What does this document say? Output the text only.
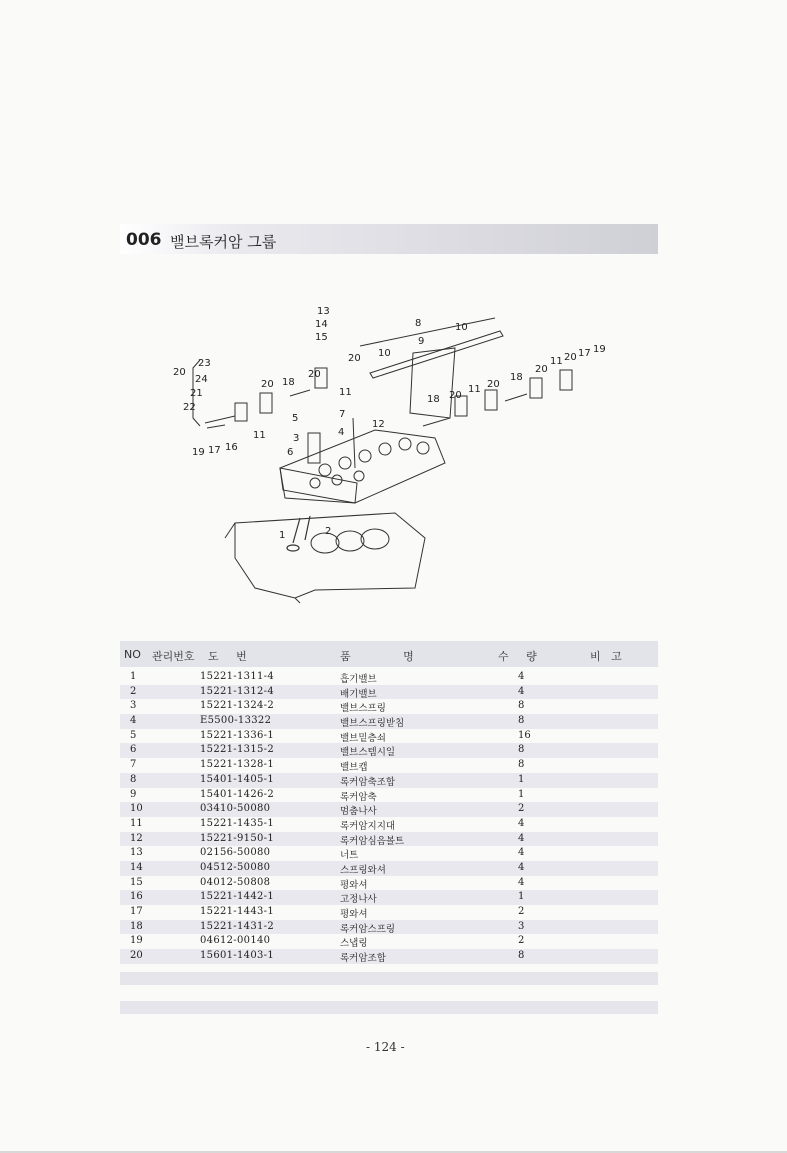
006 밸브록커암 그룹
13
14
15
8	10
9
10
20
20
18
20
23
24
21
22
19 17 16
20
11
11
5	7
3
4
12
6
1	2
18 20
11 20
18
20
11 20 17 19
NO 관리번호 도     번	품               명	수     량	비   고
1	15221-1311-4	흡기밸브	4
2	15221-1312-4	배기밸브	4
3	15221-1324-2	밸브스프링	8
4	E5500-13322	밸브스프링받침	8
5	15221-1336-1	밸브밑층쇠	16
6	15221-1315-2	밸브스템시일	8
7	15221-1328-1	밸브캡	8
8	15401-1405-1	록커암축조합	1
9	15401-1426-2	록커암축	1
10	03410-50080	멈춤나사	2
11	15221-1435-1	록커암지지대	4
12	15221-9150-1	록커암심음볼트	4
13	02156-50080	너트	4
14	04512-50080	스프링와셔	4
15	04012-50808	평와셔	4
16	15221-1442-1	고정나사	1
17	15221-1443-1	평와셔	2
18	15221-1431-2	록커암스프링	3
19	04612-00140	스냅링	2
20	15601-1403-1	록커암조합	8
- 124 -
